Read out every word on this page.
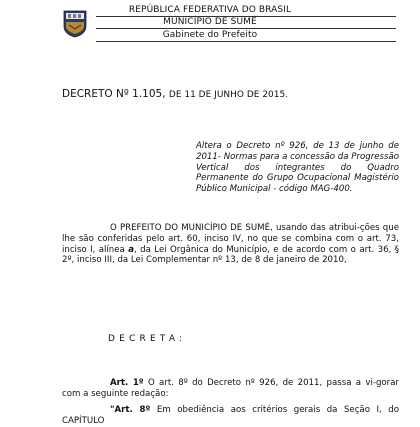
REPÚBLICA FEDERATIVA DO BRASIL
MUNICÍPIO DE SUMÉ
Gabinete do Prefeito
DECRETO Nº 1.105, DE 11 DE JUNHO DE 2015.
Altera o Decreto nº 926, de 13 de junho de 2011- Normas para a concessão da Progressão Vertical dos integrantes do Quadro Permanente do Grupo Ocupacional Magistério Público Municipal - código MAG-400.
O PREFEITO DO MUNICÍPIO DE SUMÉ, usando das atribui-ções que lhe são conferidas pelo art. 60, inciso IV, no que se combina com o art. 73, inciso I, alínea a, da Lei Orgânica do Município, e de acordo com o art. 36, § 2º, inciso III, da Lei Complementar nº 13, de 8 de janeiro de 2010,
DECRETA:
Art. 1º O art. 8º do Decreto nº 926, de 2011, passa a vi-gorar com a seguinte redação:
"Art. 8º Em obediência aos critérios gerais da Seção I, do CAPÍTULO
